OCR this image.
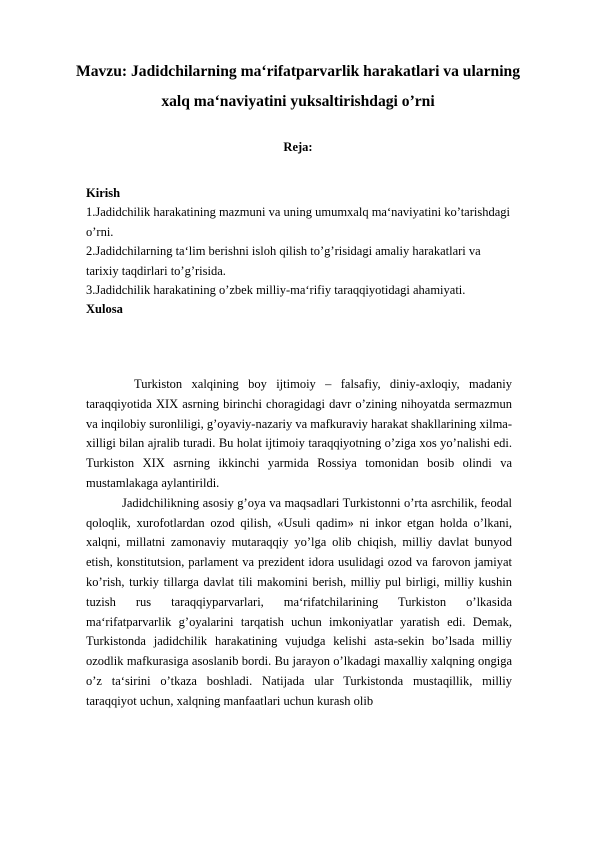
Mavzu: Jadidchilarning ma‘rifatparvarlik harakatlari va ularning xalq ma‘naviyatini yuksaltirishdagi o’rni
Reja:
Kirish
1.Jadidchilik harakatining mazmuni va uning umumxalq ma‘naviyatini ko’tarishdagi o’rni.
2.Jadidchilarning ta‘lim berishni isloh qilish to’g’risidagi amaliy harakatlari va tarixiy taqdirlari to’g’risida.
3.Jadidchilik harakatining o’zbek milliy-ma‘rifiy taraqqiyotidagi ahamiyati.
Xulosa

Turkiston xalqining boy ijtimoiy – falsafiy, diniy-axloqiy, madaniy taraqqiyotida XIX asrning birinchi choragidagi davr o’zining nihoyatda sermazmun va inqilobiy suronliligi, g’oyaviy-nazariy va mafkuraviy harakat shakllarining xilma-xilligi bilan ajralib turadi. Bu holat ijtimoiy taraqqiyotning o’ziga xos yo’nalishi edi. Turkiston XIX asrning ikkinchi yarmida Rossiya tomonidan bosib olindi va mustamlakaga aylantirildi.

Jadidchilikning asosiy g’oya va maqsadlari Turkistonni o’rta asrchilik, feodal qoloqlik, xurofotlardan ozod qilish, «Usuli qadim» ni inkor etgan holda o’lkani, xalqni, millatni zamonaviy mutaraqqiy yo’lga olib chiqish, milliy davlat bunyod etish, konstitutsion, parlament va prezident idora usulidagi ozod va farovon jamiyat ko’rish, turkiy tillarga davlat tili makomini berish, milliy pul birligi, milliy kushin tuzish rus taraqqiyparvarlari, ma‘rifatchilarining Turkiston o’lkasida ma‘rifatparvarlik g’oyalarini tarqatish uchun imkoniyatlar yaratish edi. Demak, Turkistonda jadidchilik harakatining vujudga kelishi asta-sekin bo’lsada milliy ozodlik mafkurasiga asoslanib bordi. Bu jarayon o’lkadagi maxalliy xalqning ongiga o’z ta‘sirini o’tkaza boshladi. Natijada ular Turkistonda mustaqillik, milliy taraqqiyot uchun, xalqning manfaatlari uchun kurash olib
